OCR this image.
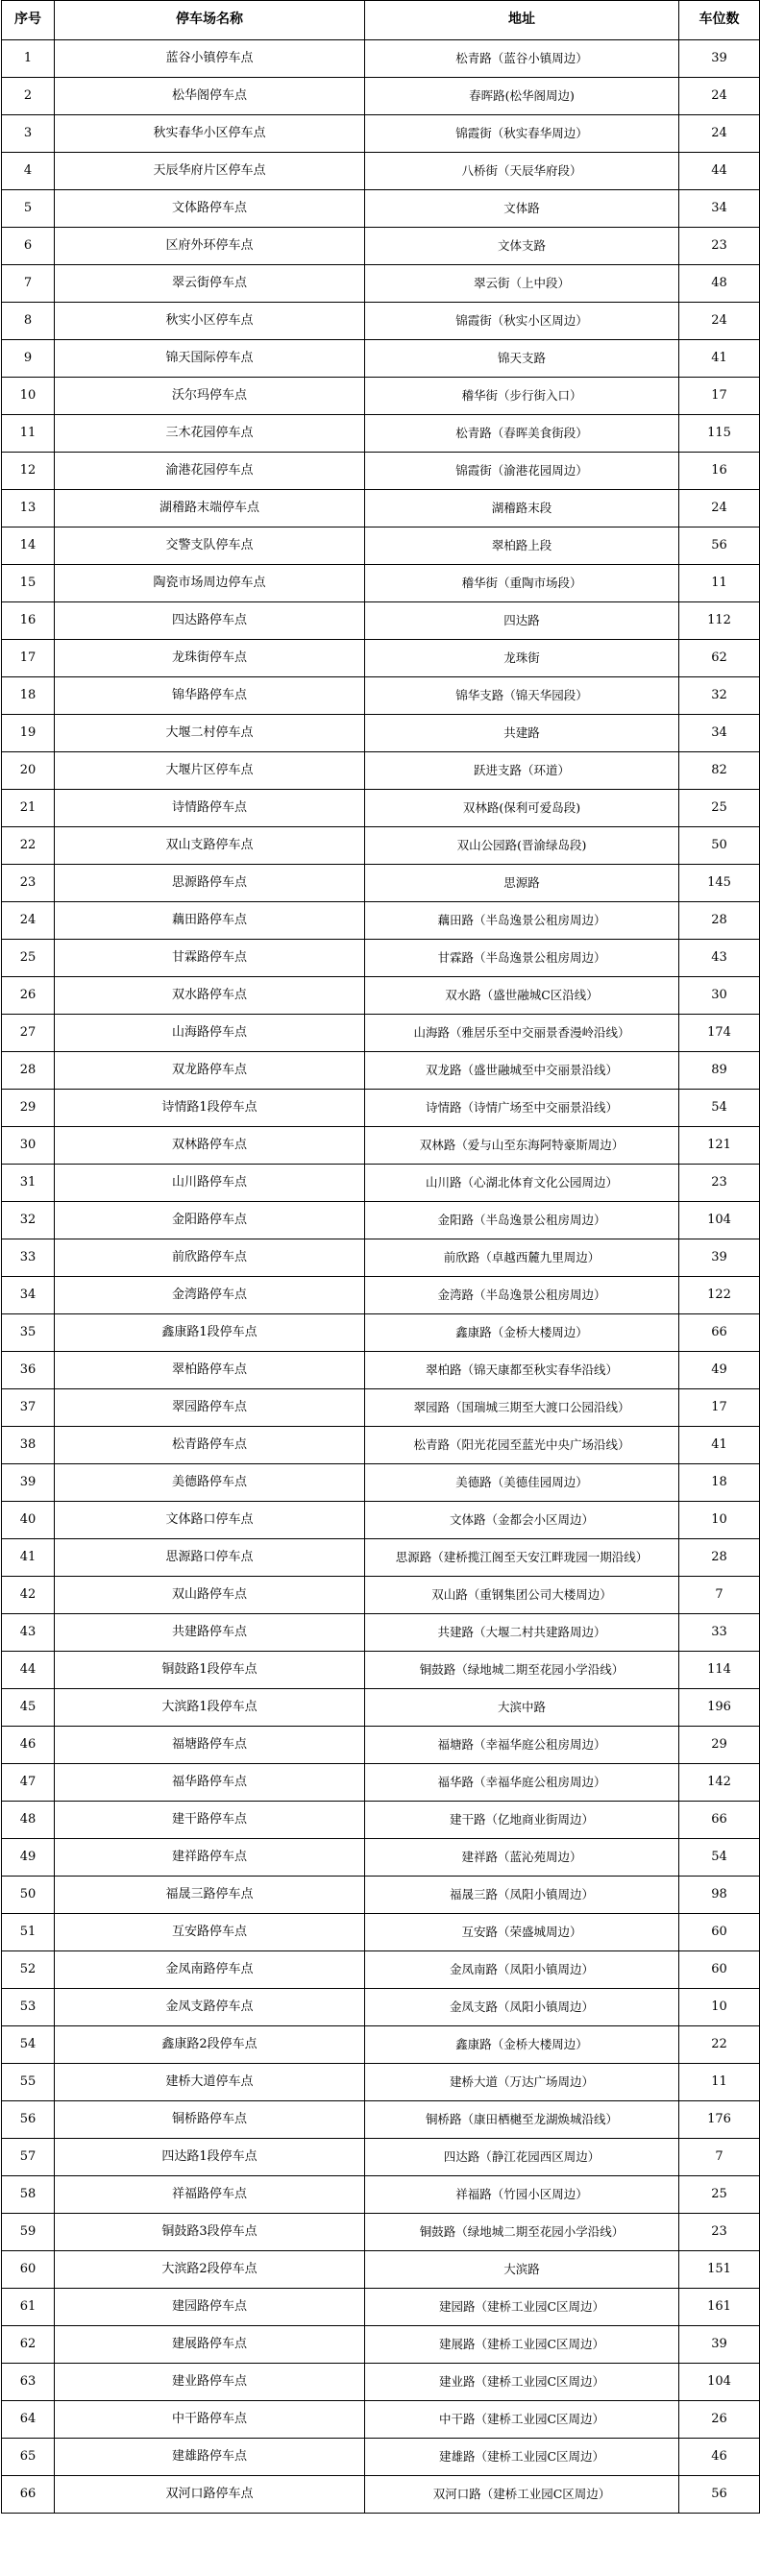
序号	停车场名称	地址	车位数
1	蓝谷小镇停车点	松青路（蓝谷小镇周边）	39
2	松华阁停车点	春晖路(松华阁周边)	24
3	秋实春华小区停车点	锦霞街（秋实春华周边）	24
4	天辰华府片区停车点	八桥街（天辰华府段）	44
5	文体路停车点	文体路	34
6	区府外环停车点	文体支路	23
7	翠云街停车点	翠云街（上中段）	48
8	秋实小区停车点	锦霞街（秋实小区周边）	24
9	锦天国际停车点	锦天支路	41
10	沃尔玛停车点	稽华街（步行街入口）	17
11	三木花园停车点	松青路（春晖美食街段）	115
12	渝港花园停车点	锦霞街（渝港花园周边）	16
13	湖稽路末端停车点	湖稽路末段	24
14	交警支队停车点	翠柏路上段	56
15	陶瓷市场周边停车点	稽华街（重陶市场段）	11
16	四达路停车点	四达路	112
17	龙珠街停车点	龙珠街	62
18	锦华路停车点	锦华支路（锦天华园段）	32
19	大堰二村停车点	共建路	34
20	大堰片区停车点	跃进支路（环道）	82
21	诗情路停车点	双林路(保利可爱岛段)	25
22	双山支路停车点	双山公园路(晋渝绿岛段)	50
23	思源路停车点	思源路	145
24	藕田路停车点	藕田路（半岛逸景公租房周边）	28
25	甘霖路停车点	甘霖路（半岛逸景公租房周边）	43
26	双水路停车点	双水路（盛世融城C区沿线）	30
27	山海路停车点	山海路（雅居乐至中交丽景香漫岭沿线）	174
28	双龙路停车点	双龙路（盛世融城至中交丽景沿线）	89
29	诗情路1段停车点	诗情路（诗情广场至中交丽景沿线）	54
30	双林路停车点	双林路（爱与山至东海阿特豪斯周边）	121
31	山川路停车点	山川路（心湖北体育文化公园周边）	23
32	金阳路停车点	金阳路（半岛逸景公租房周边）	104
33	前欣路停车点	前欣路（卓越西麓九里周边）	39
34	金湾路停车点	金湾路（半岛逸景公租房周边）	122
35	鑫康路1段停车点	鑫康路（金桥大楼周边）	66
36	翠柏路停车点	翠柏路（锦天康都至秋实春华沿线）	49
37	翠园路停车点	翠园路（国瑞城三期至大渡口公园沿线）	17
38	松青路停车点	松青路（阳光花园至蓝光中央广场沿线）	41
39	美德路停车点	美德路（美德佳园周边）	18
40	文体路口停车点	文体路（金都会小区周边）	10
41	思源路口停车点	思源路（建桥揽江阁至天安江畔珑园一期沿线）	28
42	双山路停车点	双山路（重钢集团公司大楼周边）	7
43	共建路停车点	共建路（大堰二村共建路周边）	33
44	铜鼓路1段停车点	铜鼓路（绿地城二期至花园小学沿线）	114
45	大滨路1段停车点	大滨中路	196
46	福塘路停车点	福塘路（幸福华庭公租房周边）	29
47	福华路停车点	福华路（幸福华庭公租房周边）	142
48	建干路停车点	建干路（亿地商业街周边）	66
49	建祥路停车点	建祥路（蓝沁苑周边）	54
50	福晟三路停车点	福晟三路（凤阳小镇周边）	98
51	互安路停车点	互安路（荣盛城周边）	60
52	金凤南路停车点	金凤南路（凤阳小镇周边）	60
53	金凤支路停车点	金凤支路（凤阳小镇周边）	10
54	鑫康路2段停车点	鑫康路（金桥大楼周边）	22
55	建桥大道停车点	建桥大道（万达广场周边）	11
56	铜桥路停车点	铜桥路（康田栖樾至龙湖焕城沿线）	176
57	四达路1段停车点	四达路（静江花园西区周边）	7
58	祥福路停车点	祥福路（竹园小区周边）	25
59	铜鼓路3段停车点	铜鼓路（绿地城二期至花园小学沿线）	23
60	大滨路2段停车点	大滨路	151
61	建园路停车点	建园路（建桥工业园C区周边）	161
62	建展路停车点	建展路（建桥工业园C区周边）	39
63	建业路停车点	建业路（建桥工业园C区周边）	104
64	中干路停车点	中干路（建桥工业园C区周边）	26
65	建雄路停车点	建雄路（建桥工业园C区周边）	46
66	双河口路停车点	双河口路（建桥工业园C区周边）	56
